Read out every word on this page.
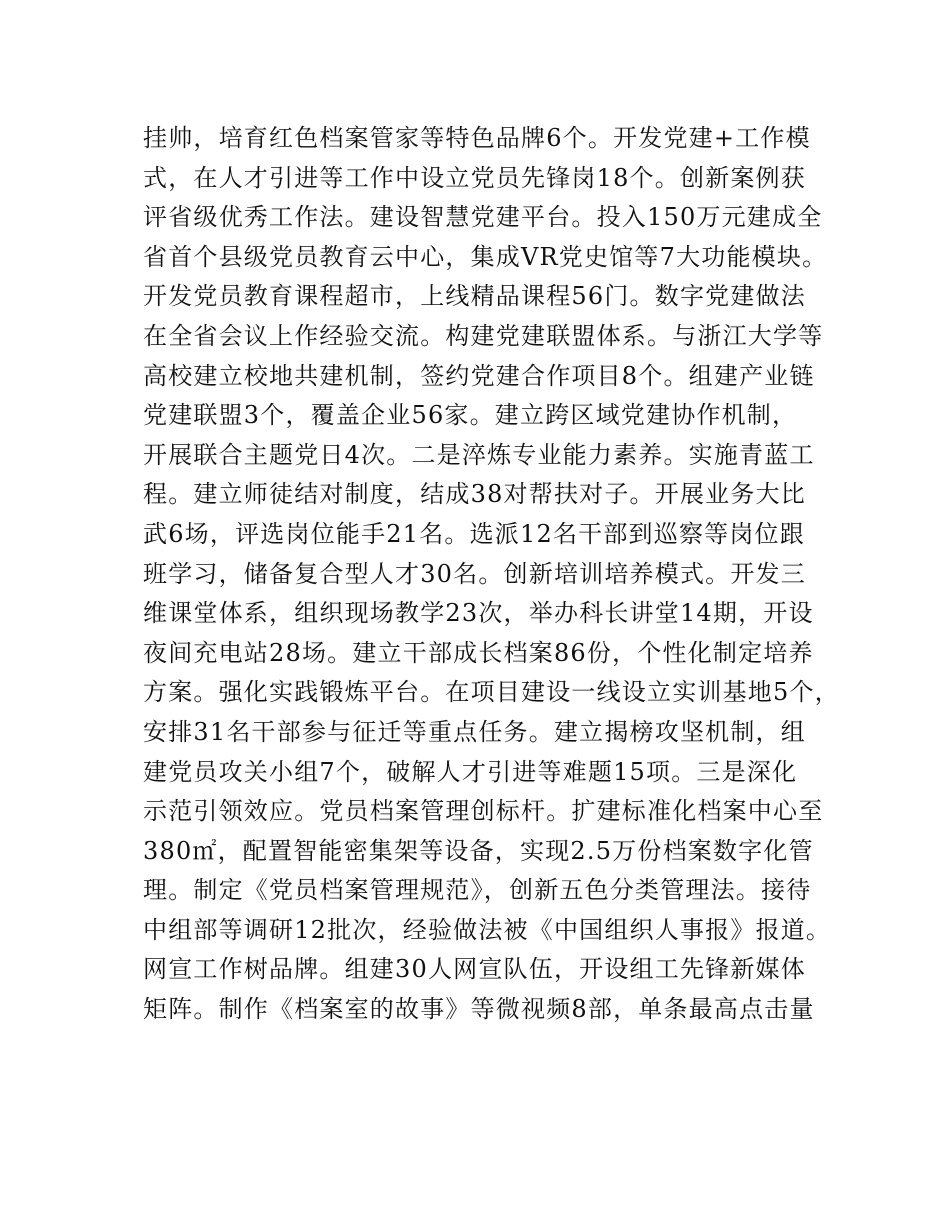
挂帅，培育红色档案管家等特色品牌6个。开发党建+工作模
式，在人才引进等工作中设立党员先锋岗18个。创新案例获
评省级优秀工作法。建设智慧党建平台。投入150万元建成全
省首个县级党员教育云中心，集成VR党史馆等7大功能模块。
开发党员教育课程超市，上线精品课程56门。数字党建做法
在全省会议上作经验交流。构建党建联盟体系。与浙江大学等
高校建立校地共建机制，签约党建合作项目8个。组建产业链
党建联盟3个，覆盖企业56家。建立跨区域党建协作机制，
开展联合主题党日4次。二是淬炼专业能力素养。实施青蓝工
程。建立师徒结对制度，结成38对帮扶对子。开展业务大比
武6场，评选岗位能手21名。选派12名干部到巡察等岗位跟
班学习，储备复合型人才30名。创新培训培养模式。开发三
维课堂体系，组织现场教学23次，举办科长讲堂14期，开设
夜间充电站28场。建立干部成长档案86份，个性化制定培养
方案。强化实践锻炼平台。在项目建设一线设立实训基地5个，
安排31名干部参与征迁等重点任务。建立揭榜攻坚机制，组
建党员攻关小组7个，破解人才引进等难题15项。三是深化
示范引领效应。党员档案管理创标杆。扩建标准化档案中心至
380㎡，配置智能密集架等设备，实现2.5万份档案数字化管
理。制定《党员档案管理规范》，创新五色分类管理法。接待
中组部等调研12批次，经验做法被《中国组织人事报》报道。
网宣工作树品牌。组建30人网宣队伍，开设组工先锋新媒体
矩阵。制作《档案室的故事》等微视频8部，单条最高点击量
